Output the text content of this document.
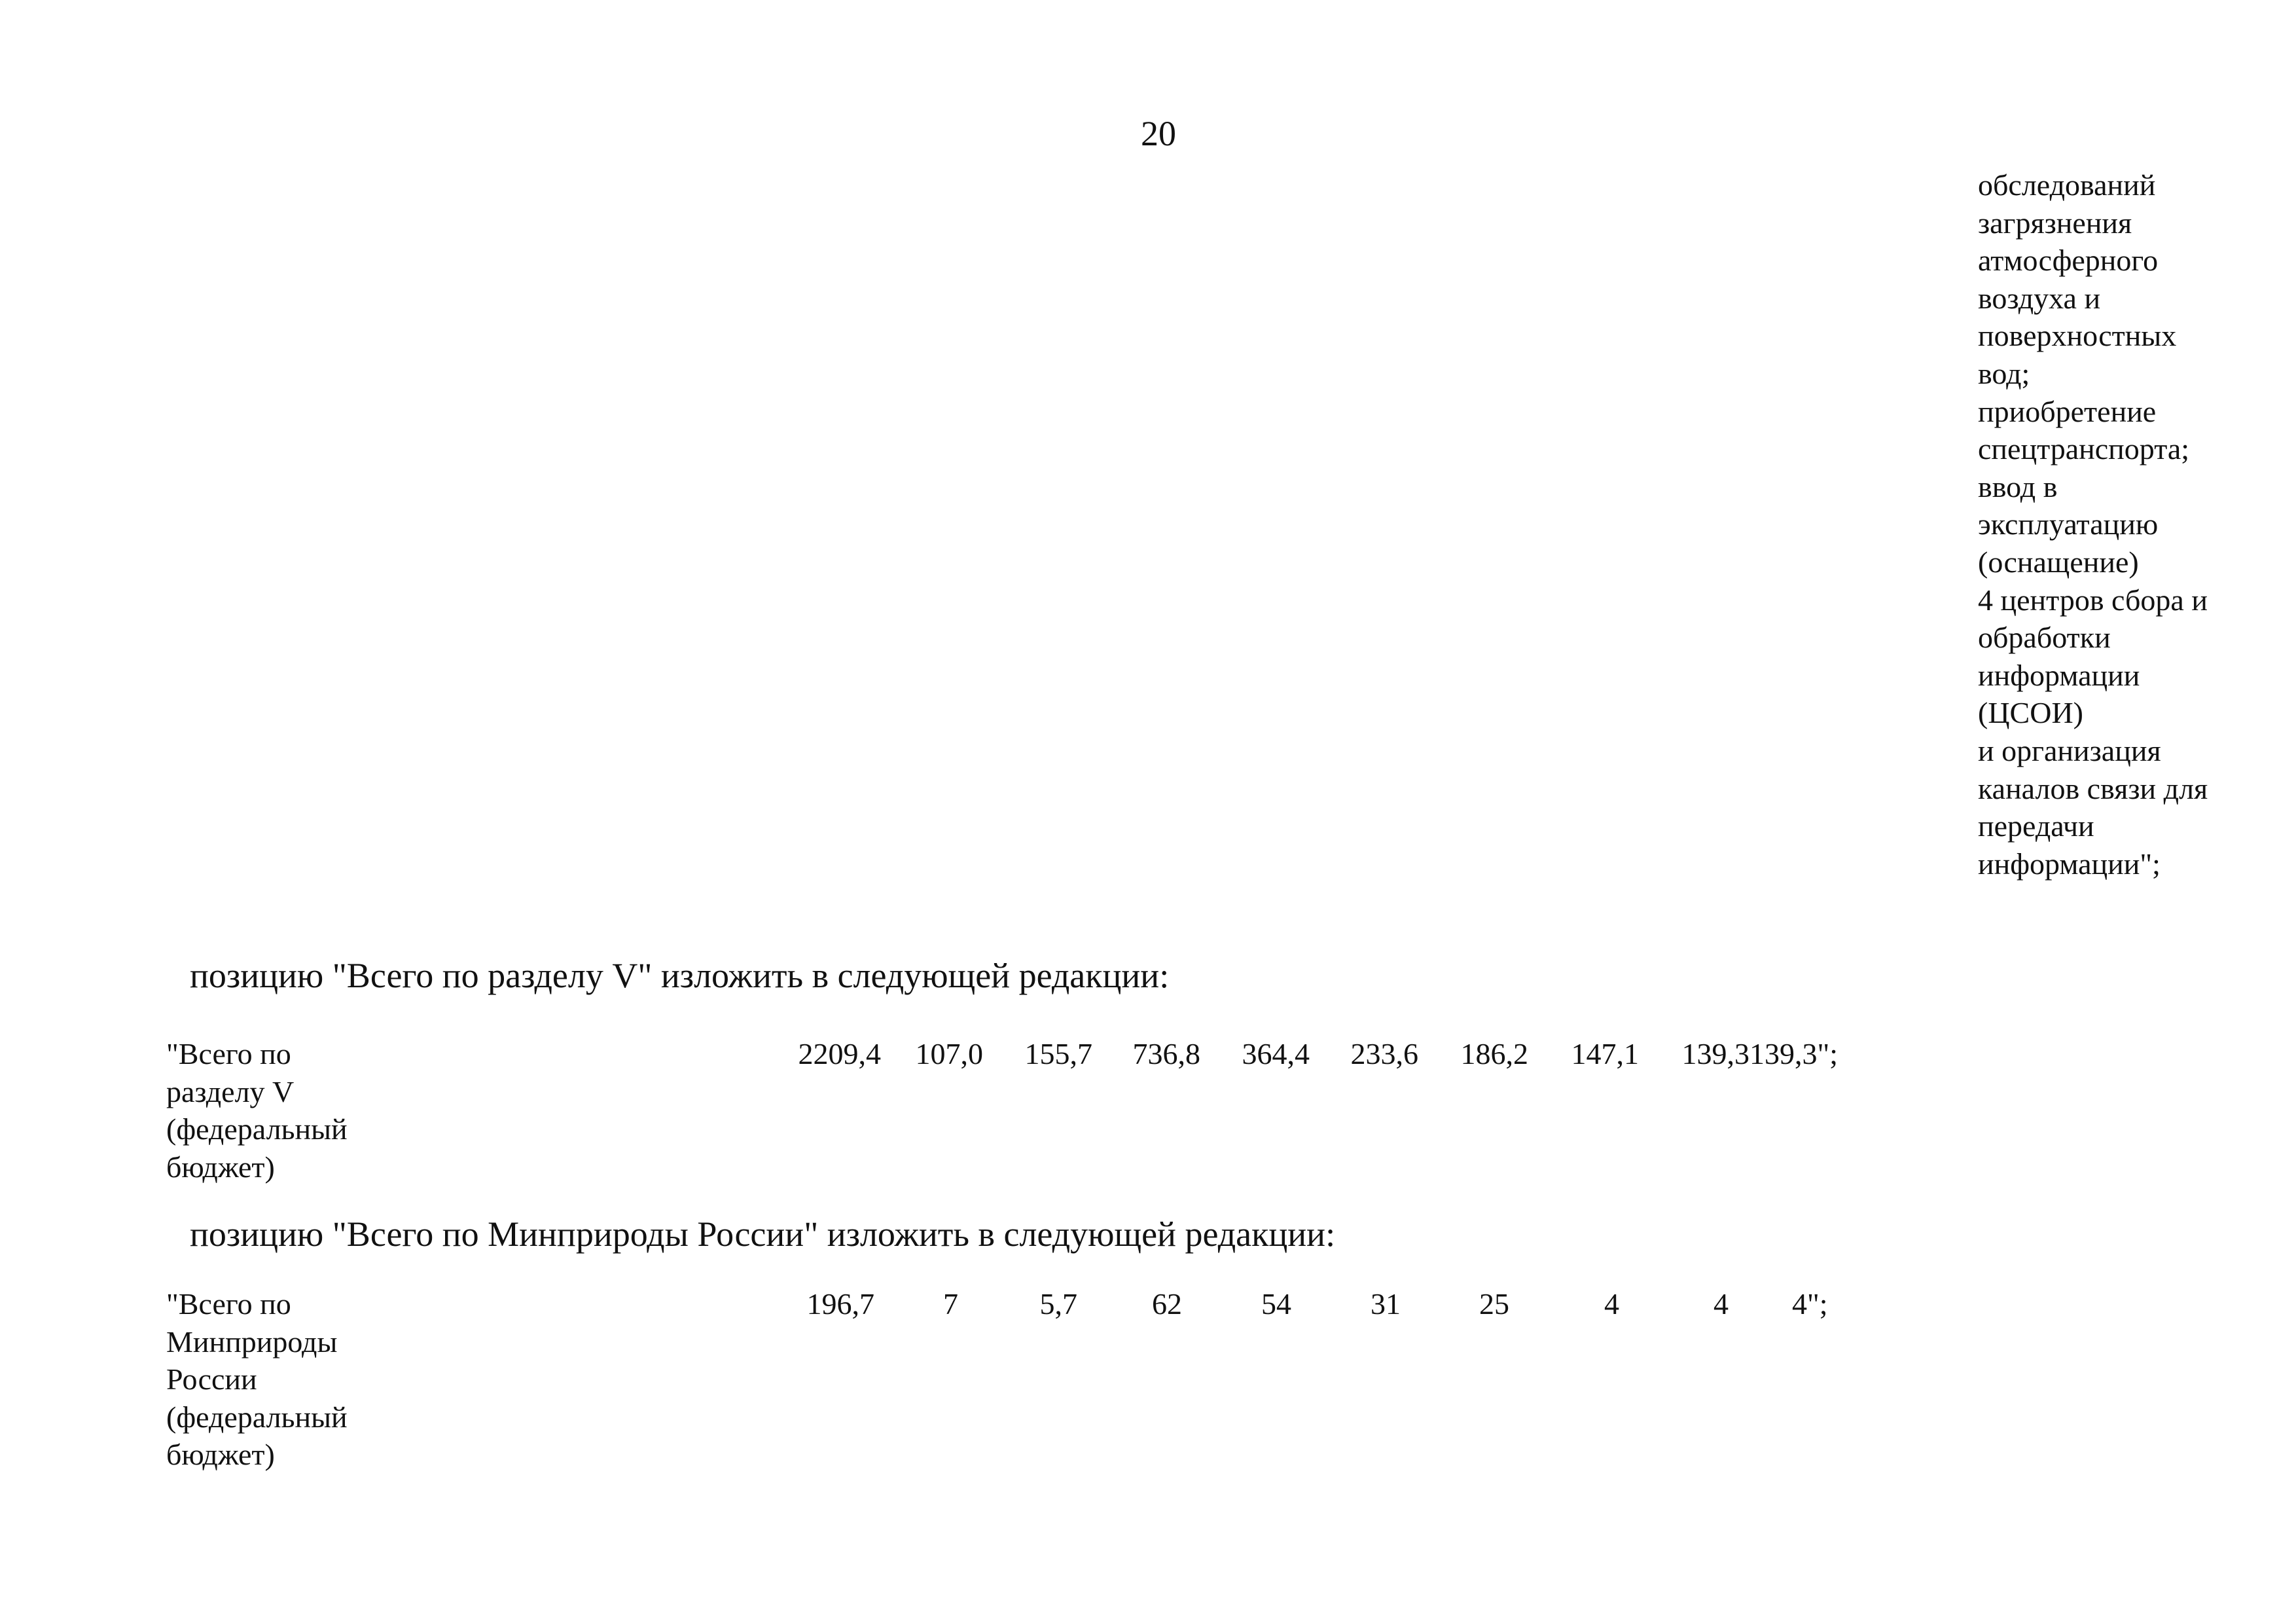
20
обследований
загрязнения
атмосферного
воздуха и
поверхностных
вод;
приобретение
спецтранспорта;
ввод в
эксплуатацию
(оснащение)
4 центров сбора и
обработки
информации
(ЦСОИ)
и организация
каналов связи для
передачи
информации";
позицию "Всего по разделу V" изложить в следующей редакции:
"Всего по
разделу V
(федеральный
бюджет)
2209,4	107,0	155,7	736,8	364,4	233,6	186,2	147,1	139,3 139,3";
позицию "Всего по Минприроды России" изложить в следующей редакции:
"Всего по
Минприроды
России
(федеральный
бюджет)
196,7	7	5,7	62	54	31	25	4	4 4";
